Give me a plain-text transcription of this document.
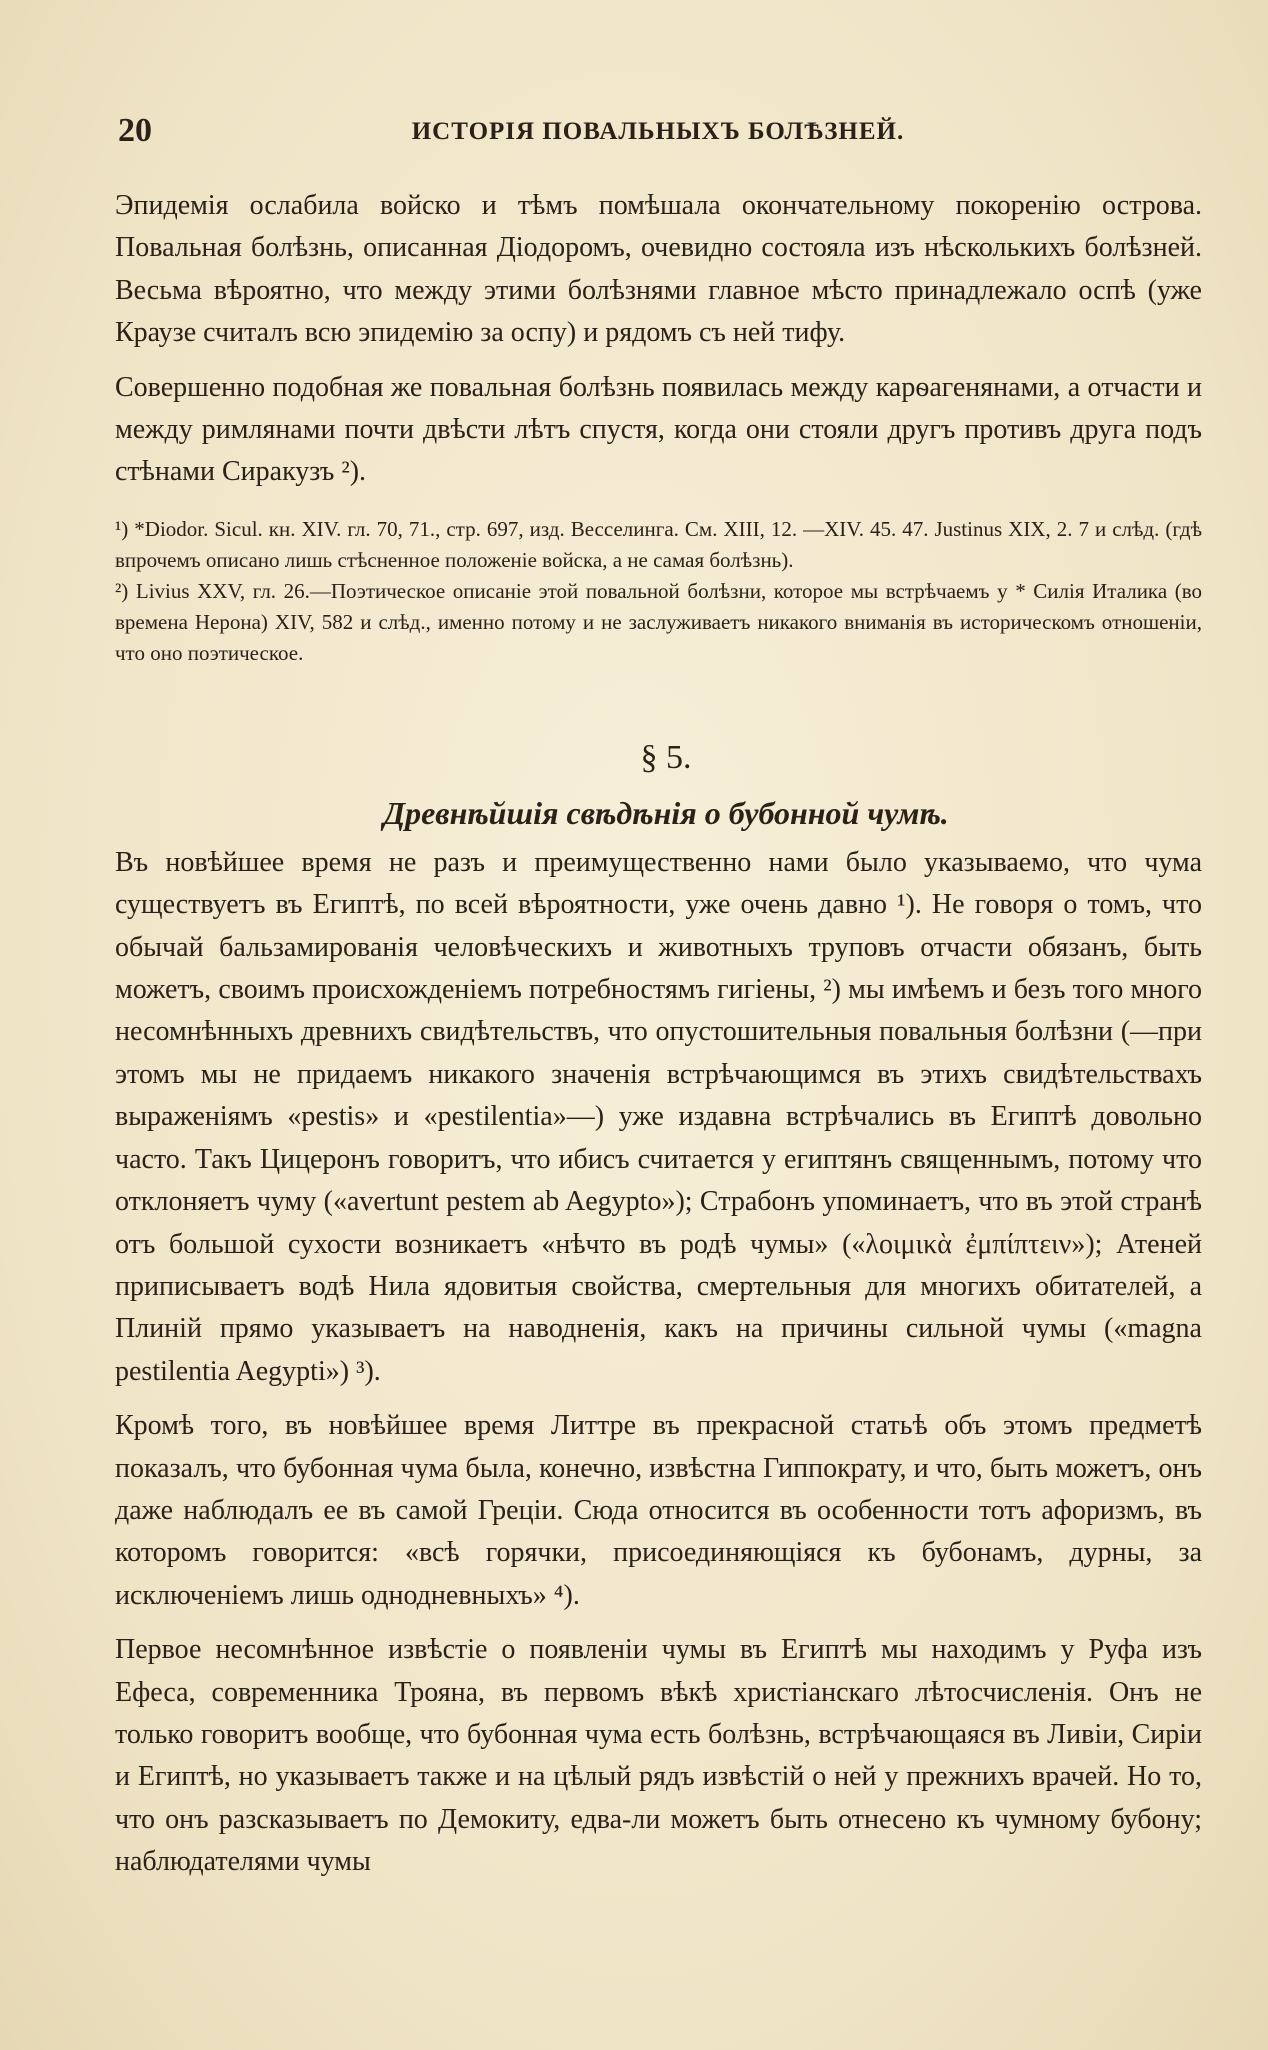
20	ИСТОРІЯ ПОВАЛЬНЫХЪ БОЛѢЗНЕЙ.

Эпидемія ослабила войско и тѣмъ помѣшала окончательному покоренію острова. Повальная болѣзнь, описанная Діодоромъ, очевидно состояла изъ нѣсколькихъ болѣзней. Весьма вѣроятно, что между этими болѣзнями главное мѣсто принадлежало оспѣ (уже Краузе считалъ всю эпидемію за оспу) и рядомъ съ ней тифу.

Совершенно подобная же повальная болѣзнь появилась между карѳагенянами, а отчасти и между римлянами почти двѣсти лѣтъ спустя, когда они стояли другъ противъ друга подъ стѣнами Сиракузъ ²).

¹) *Diodor. Sicul. кн. XIV. гл. 70, 71., стр. 697, изд. Весселинга. См. XIII, 12. —XIV. 45. 47. Justinus XIX, 2. 7 и слѣд. (гдѣ впрочемъ описано лишь стѣсненное положеніе войска, а не самая болѣзнь).

²) Livius XXV, гл. 26.—Поэтическое описаніе этой повальной болѣзни, которое мы встрѣчаемъ у * Силія Италика (во времена Нерона) XIV, 582 и слѣд., именно потому и не заслуживаетъ никакого вниманія въ историческомъ отношеніи, что оно поэтическое.

§ 5.
Древнѣйшія свѣдѣнія о бубонной чумѣ.

Въ новѣйшее время не разъ и преимущественно нами было указываемо, что чума существуетъ въ Египтѣ, по всей вѣроятности, уже очень давно ¹). Не говоря о томъ, что обычай бальзамированія человѣческихъ и животныхъ труповъ отчасти обязанъ, быть можетъ, своимъ происхожденіемъ потребностямъ гигіены, ²) мы имѣемъ и безъ того много несомнѣнныхъ древнихъ свидѣтельствъ, что опустошительныя повальныя болѣзни (—при этомъ мы не придаемъ никакого значенія встрѣчающимся въ этихъ свидѣтельствахъ выраженіямъ «pestis» и «pestilentia»—) уже издавна встрѣчались въ Египтѣ довольно часто. Такъ Цицеронъ говоритъ, что ибисъ считается у египтянъ священнымъ, потому что отклоняетъ чуму («avertunt pestem ab Aegypto»); Страбонъ упоминаетъ, что въ этой странѣ отъ большой сухости возникаетъ «нѣчто въ родѣ чумы» («λοιμικὰ ἐμπίπτειν»); Атеней приписываетъ водѣ Нила ядовитыя свойства, смертельныя для многихъ обитателей, а Плиній прямо указываетъ на наводненія, какъ на причины сильной чумы («magna pestilentia Aegypti») ³).

Кромѣ того, въ новѣйшее время Литтре въ прекрасной статьѣ объ этомъ предметѣ показалъ, что бубонная чума была, конечно, извѣстна Гиппократу, и что, быть можетъ, онъ даже наблюдалъ ее въ самой Греціи. Сюда относится въ особенности тотъ афоризмъ, въ которомъ говорится: «всѣ горячки, присоединяющіяся къ бубонамъ, дурны, за исключеніемъ лишь однодневныхъ» ⁴).

Первое несомнѣнное извѣстіе о появленіи чумы въ Египтѣ мы находимъ у Руфа изъ Ефеса, современника Трояна, въ первомъ вѣкѣ христіанскаго лѣтосчисленія. Онъ не только говоритъ вообще, что бубонная чума есть болѣзнь, встрѣчающаяся въ Ливіи, Сиріи и Египтѣ, но указываетъ также и на цѣлый рядъ извѣстій о ней у прежнихъ врачей. Но то, что онъ разсказываетъ по Демокиту, едва-ли можетъ быть отнесено къ чумному бубону; наблюдателями чумы
